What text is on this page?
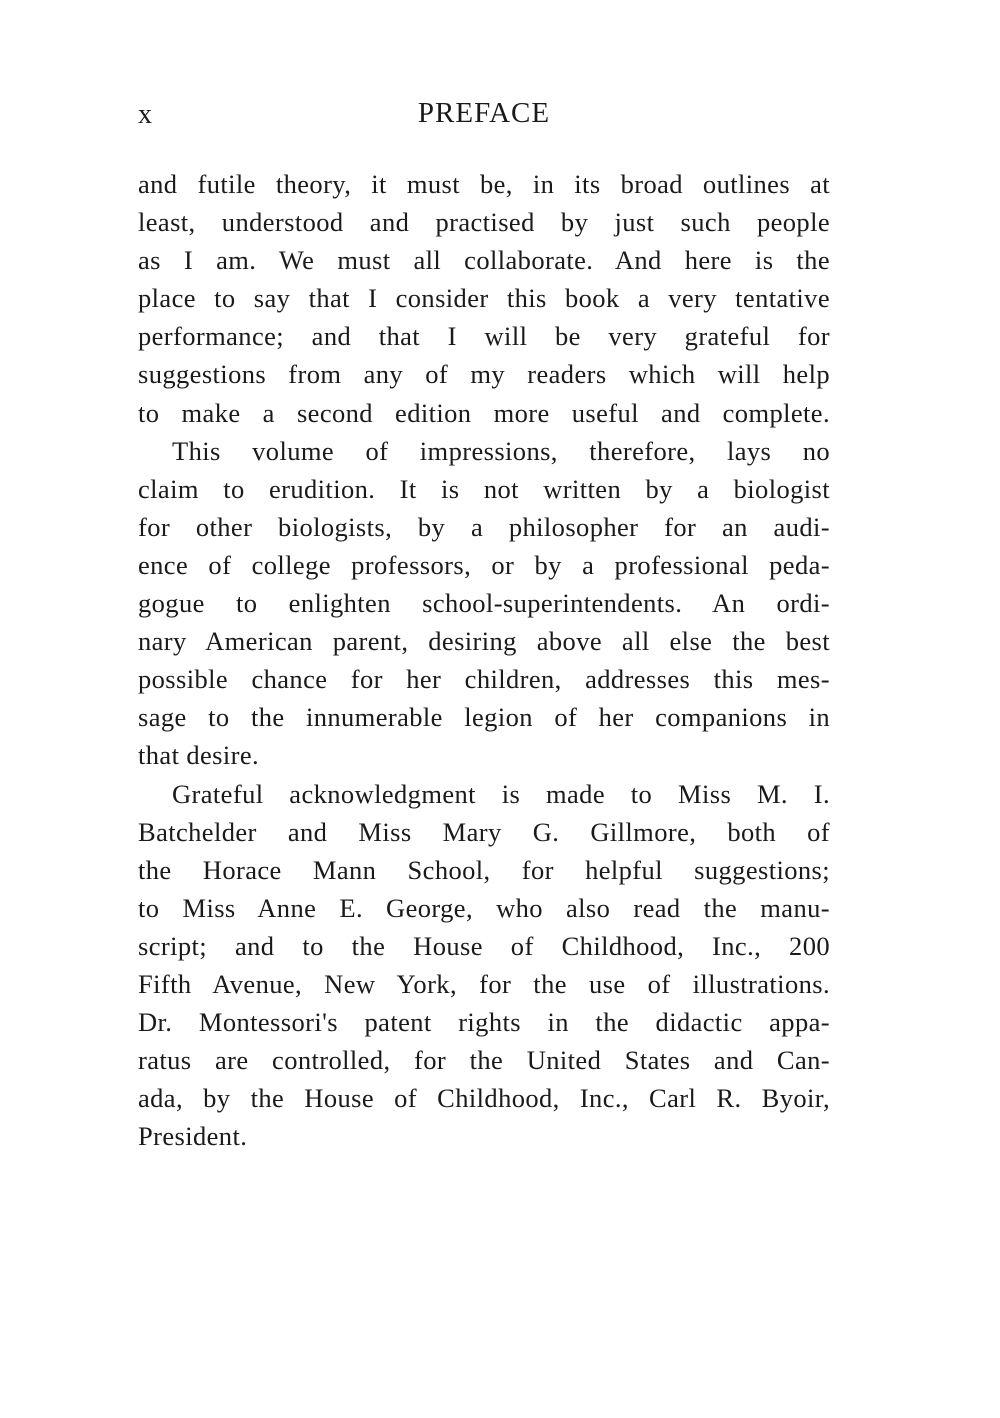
x	PREFACE
and futile theory, it must be, in its broad outlines at
least, understood and practised by just such people
as I am. We must all collaborate. And here is the
place to say that I consider this book a very tentative
performance; and that I will be very grateful for
suggestions from any of my readers which will help
to make a second edition more useful and complete.
This volume of impressions, therefore, lays no
claim to erudition. It is not written by a biologist
for other biologists, by a philosopher for an audi-
ence of college professors, or by a professional peda-
gogue to enlighten school-superintendents. An ordi-
nary American parent, desiring above all else the best
possible chance for her children, addresses this mes-
sage to the innumerable legion of her companions in
that desire.
Grateful acknowledgment is made to Miss M. I.
Batchelder and Miss Mary G. Gillmore, both of
the Horace Mann School, for helpful suggestions;
to Miss Anne E. George, who also read the manu-
script; and to the House of Childhood, Inc., 200
Fifth Avenue, New York, for the use of illustrations.
Dr. Montessori's patent rights in the didactic appa-
ratus are controlled, for the United States and Can-
ada, by the House of Childhood, Inc., Carl R. Byoir,
President.
